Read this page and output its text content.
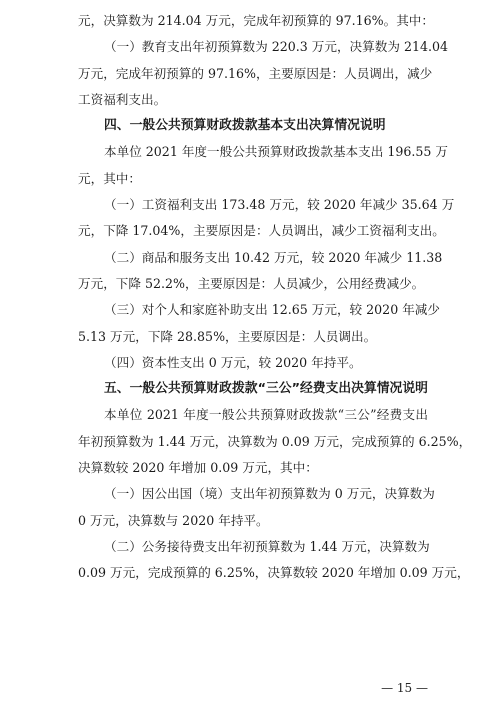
元，决算数为 214.04 万元，完成年初预算的 97.16%。其中：
（一）教育支出年初预算数为 220.3 万元，决算数为 214.04
万元，完成年初预算的 97.16%，主要原因是：人员调出，减少
工资福利支出。
四、一般公共预算财政拨款基本支出决算情况说明
本单位 2021 年度一般公共预算财政拨款基本支出 196.55 万
元，其中：
（一）工资福利支出 173.48 万元，较 2020 年减少 35.64 万
元，下降 17.04%，主要原因是：人员调出，减少工资福利支出。
（二）商品和服务支出 10.42 万元，较 2020 年减少 11.38
万元，下降 52.2%，主要原因是：人员减少，公用经费减少。
（三）对个人和家庭补助支出 12.65 万元，较 2020 年减少
5.13 万元，下降 28.85%，主要原因是：人员调出。
（四）资本性支出 0 万元，较 2020 年持平。
五、一般公共预算财政拨款“三公”经费支出决算情况说明
本单位 2021 年度一般公共预算财政拨款“三公”经费支出
年初预算数为 1.44 万元，决算数为 0.09 万元，完成预算的 6.25%，
决算数较 2020 年增加 0.09 万元，其中：
（一）因公出国（境）支出年初预算数为 0 万元，决算数为
0 万元，决算数与 2020 年持平。
（二）公务接待费支出年初预算数为 1.44 万元，决算数为
0.09 万元，完成预算的 6.25%，决算数较 2020 年增加 0.09 万元，
— 15 —
